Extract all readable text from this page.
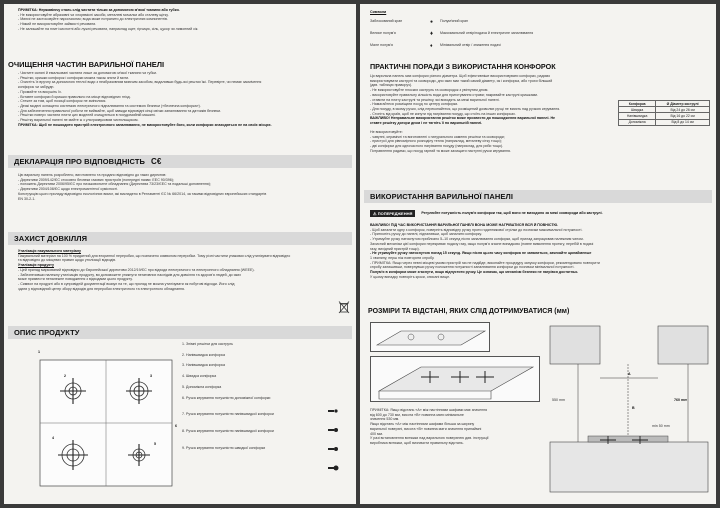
ПРИМІТКА: Нержавіючу сталь слід чистити тільки за допомогою м'якої тканини або губки.
- Не використовуйте абразивні чи хлорвмісні засоби, металеві мочалки або сталеву щітку.
- Миючі не застосовуйте пароочисник; вода може потрапити до електричних компонентів.
- Ніякий не використовуйте займисті речовини.
- Не залишайте на плиті кислотні або лужні речовини, наприклад оцет, гірчицю, сіль, цукор чи лимонний сік.
ОЧИЩЕННЯ ЧАСТИН ВАРИЛЬНОЇ ПАНЕЛІ
- Чистите скляні й емальовані частини лише за допомогою м'якої тканини чи губки.
- Решітки, кришки конфорок і конфорки можна також зняти й мити.
- Очистіть їх вручну за допомогою теплої води з неабразивним миючим засобом, видаливши будь-які рештки їжі. Перевірте, чи немає засмічення
конфорок чи забрудн.
- Промийте та висушіть їх.
- Вставте конфорки й кришки правильно на місце відповідних гнізд.
- Стежте за тим, щоб позиції конфорок не змінилися.
- Деякі моделі оснащено системою електричного підпалювання та системою безпеки («безпечна конфорка»).
- Для забезпечення правильної роботи не виймайте, щоб завжди відповідні кінці свічки запалювання та датчиків безпеки.
- Решітки поверх частини плити цих моделей очищуються в посудомийній машині.
- Решітку варильної панелі не мийте ж з ультразвуковим чистильщиком.
ПРИМІТКА: Щоб не пошкодити пристрій електричного запалювання, не використовуйте його, коли конфорки знаходяться не на своїх місцях.
ДЕКЛАРАЦІЯ ПРО ВІДПОВІДНІСТЬ C€
Цю варильну панель розроблено, виготовлено та продано відповідно до таких директив:
- Директиви 2009/142/ЄС стосовно безпеки газових пристроїв (попередні назви: ЕЕС 90/396);
- положень Директиви 2006/95/ЄС про низьковольтне обладнання (Директива 73/23/ЄЕС та подальші доповнення);
- Директиви 2004/108/ЄС щодо електромагнітної сумісності.
Конструкцію цього приладу відповідно екологічних вимог, які викладено в Регламенті ЄС № 66/2014, за такими відповідних європейських стандартів
EN 30-2-1.
ЗАХИСТ ДОВКІЛЛЯ
Утилізація пакувального матеріалу
Пакувальний матеріал на 100 % придатний для вторинної переробки, що позначено символом переробки. Тому різні частини упаковки слід утилізувати відповідно
та відповідно до місцевих правил щодо утилізації відходів.
Утилізація продукту
- Цей прилад маркований відповідно до Європейської директиви 2012/19/ЄС про відходи електричного та електронного обладнання (WEEE).
- Забезпечивши належну утилізацію продукту, ви допоможете уникнути негативних наслідків для довкілля та здоров'я людей, до яких
може призвести неналежне поводження з відходами цього продукту.
- Символ на продукті або в супровідній документації вказує на те, що прилад не можна утилізувати як побутові відходи. Його слід
здати у відповідний центр збору відходів для переробки електричного та електронного обладнання.
ОПИС ПРОДУКТУ
1
2	3
4
5
6
1. Знімні решітки для каструль
2. Напівшвидка конфорка
3. Напівшвидка конфорка
4. Швидка конфорка
5. Допоміжна конфорка
6. Ручка керування потужністю допоміжної конфорки
7. Ручка керування потужністю напівшвидкої конфорки
8. Ручка керування потужністю напівшвидкої конфорки
9. Ручка керування потужністю швидкої конфорки
Символи
Заблокований кран	●	Полум'яний кран
Велике полум'я	♦	Максимальний отвір/подача й електричне запалювання
Мале полум'я	♦	Мінімальний отвір / зниження подачі
ПРАКТИЧНІ ПОРАДИ З ВИКОРИСТАННЯ КОНФОРОК
Ця варильна панель має конфорки різного діаметра. Щоб ефективніше використовувати конфорки, радимо
використовувати каструлі та сковороди, дно яких має такий самий діаметр, як і конфорка, або трохи більший
(див. таблицю праворуч).
- Не використовуйте плоских каструль та сковородок з увігнутим дном.
- використовуйте правильну кількість води для приготування страви; накривайте каструлі кришками.
- ставити на плиту каструлі та решітку, які виходять за межі варильної панелі.
- Намагайтеся розміщати посуд по центру конфорки.
- Для посуду, в якому ручки, слід переконайтеся, що розміщений дозволяє ручці не висять над ручкою керування.
- Стоніть від країв, щоб не кинути під нагрівання посуду, що стоїть на інших конфорках.
ВАЖЛИВО! Неправильне використання решіток може призвести до пошкодження варильної панелі. Не
ставте решітку догори дном і не тягніть її по варильній панелі.
Конфорка	Ø Діаметр каструлі
Швидка	Від 24 до 26 см
Напівшвидка	Від 16 до 22 см
Допоміжна	Від 8 до 14 см
Не використовуйте:
- чавунні, керамічні та виготовлені з натурального каменю решітки та сковороди;
- пристрої для рівномірного розподілу тепла (наприклад, металеву сітку тощо);
- дві конфорки для одночасного нагрівання посуду (наприклад, для риби тощо).
Потравлення радимо, що посуд гарний та може захищати наступні ручки керування.
ВИКОРИСТАННЯ ВАРИЛЬНОЇ ПАНЕЛІ
⚠ ПОПЕРЕДЖЕННЯ	Регулюйте потужність полум'я конфорки так, щоб воно не виходило за межі сковороди або каструлі.
ВАЖЛИВО! ПІД ЧАС ВИКОРИСТАННЯ ВАРИЛЬНОЇ ПАНЕЛІ ВОНА МОЖЕ НАГРІВАТИСЯ ВСЯ Й ПОВНІСТЮ.
- Щоб запалити одну з конфорок, поверніть відповідну ручку проти годинникової стрілки до позначки максимальної потужності.
- Притисніть ручку до панелі, підпаливши, щоб запалити конфорку.
- Утримуйте ручку натиснутою приблизно 5–10 секунд після запалювання конфорки, щоб прилад запрацював належним чином.
Захисний механізм цієї конфорки перекриває подачу газу, якщо полум'я згасне випадково (повне вимкнення протягу, перебій в подачі
газу, вихідний пристрій тощо).
- Не утримуйте ручку натиснутою понад 15 секунд. Якщо після цього часу конфорка не запалиться, зачекайте щонайменше
1 хвилину, перш ніж повторити спробу.
- ПРИМІТКА: Якщо через певні місцеві умови пристрій газ не надійде, виконайте процедуру запуску конфорки, рекомендовано повторити
спробу залишивши, повернувши ручку положення потужності запалювання конфорки до позначки мінімальної потужності.
Полум'я в конфорки може згаснути, якщо відпустити ручку. Це означає, що механізм безпеки не нагрівся достатньо.
У цьому випадку повторіть кроки, описані вище.
РОЗМІРИ ТА ВІДСТАНІ, ЯКИХ СЛІД ДОТРИМУВАТИСЯ (мм)
min 50 mm
760 mm
550 mm
A
B
ПРИМІТКА: Якщо відстань «А» між настінними шафами має значення
від 600 до 730 мм, висота «В» повинна мати мінімальне
значення 530 мм.
Якщо відстань «А» між настінними шафами більша за ширину
варильної поверхні, висота «В» повинна мати значення принаймні
400 мм.
У разі встановлення витяжки над варильною поверхнею див. інструкції
виробника витяжки, щоб визначити правильну відстань.
